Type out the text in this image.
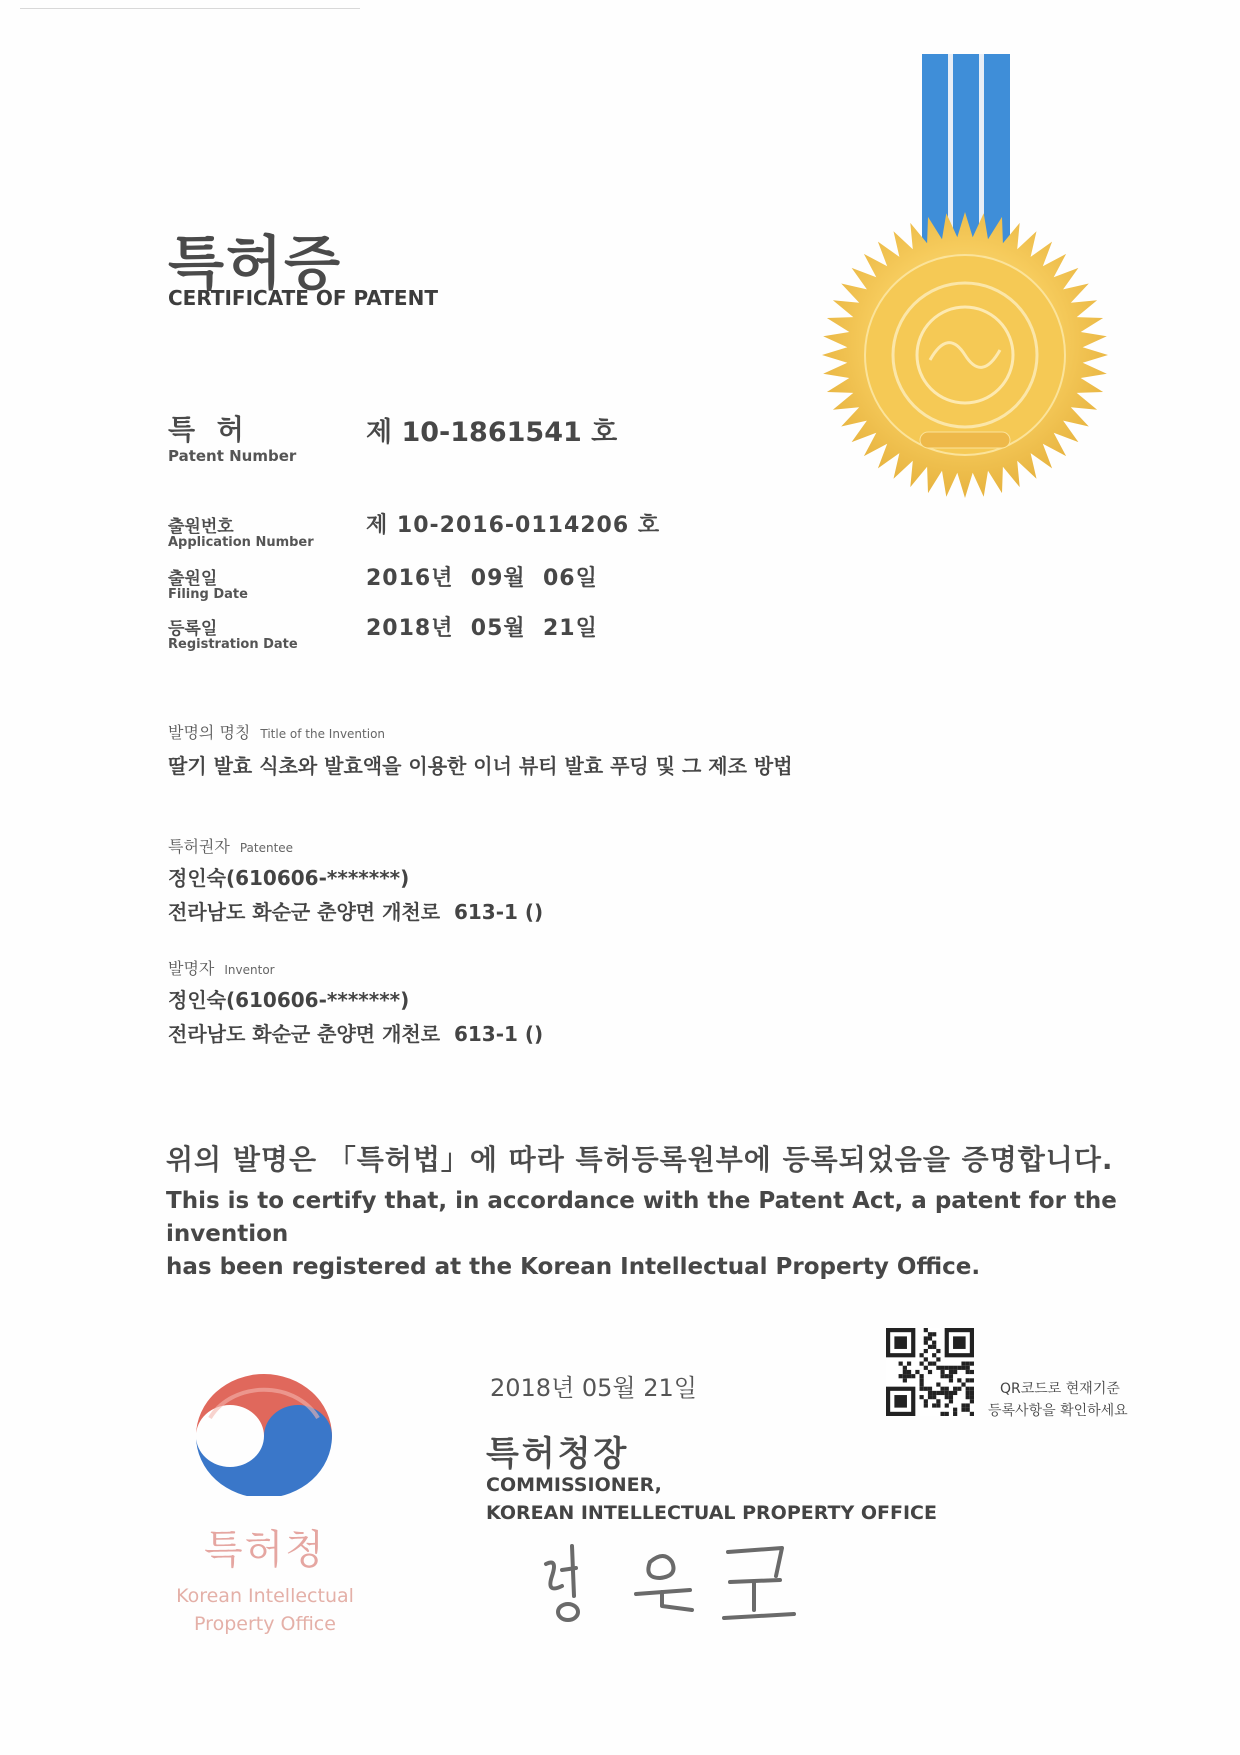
특허증
CERTIFICATE OF PATENT
특 허
Patent Number
제 10-1861541 호
출원번호
Application Number
제 10-2016-0114206 호
출원일
Filing Date
2016년  09월  06일
등록일
Registration Date
2018년  05월  21일
발명의 명칭 Title of the Invention
딸기 발효 식초와 발효액을 이용한 이너 뷰티 발효 푸딩 및 그 제조 방법
특허권자 Patentee
정인숙(610606-*******)
전라남도 화순군 춘양면 개천로  613-1 ()
발명자 Inventor
정인숙(610606-*******)
전라남도 화순군 춘양면 개천로  613-1 ()
위의 발명은 「특허법」에 따라 특허등록원부에 등록되었음을 증명합니다.
This is to certify that, in accordance with the Patent Act, a patent for the invention
has been registered at the Korean Intellectual Property Office.
특허청
Korean Intellectual
Property Office
2018년 05월 21일
특허청장
COMMISSIONER,
KOREAN INTELLECTUAL PROPERTY OFFICE
QR코드로 현재기준
등록사항을 확인하세요
